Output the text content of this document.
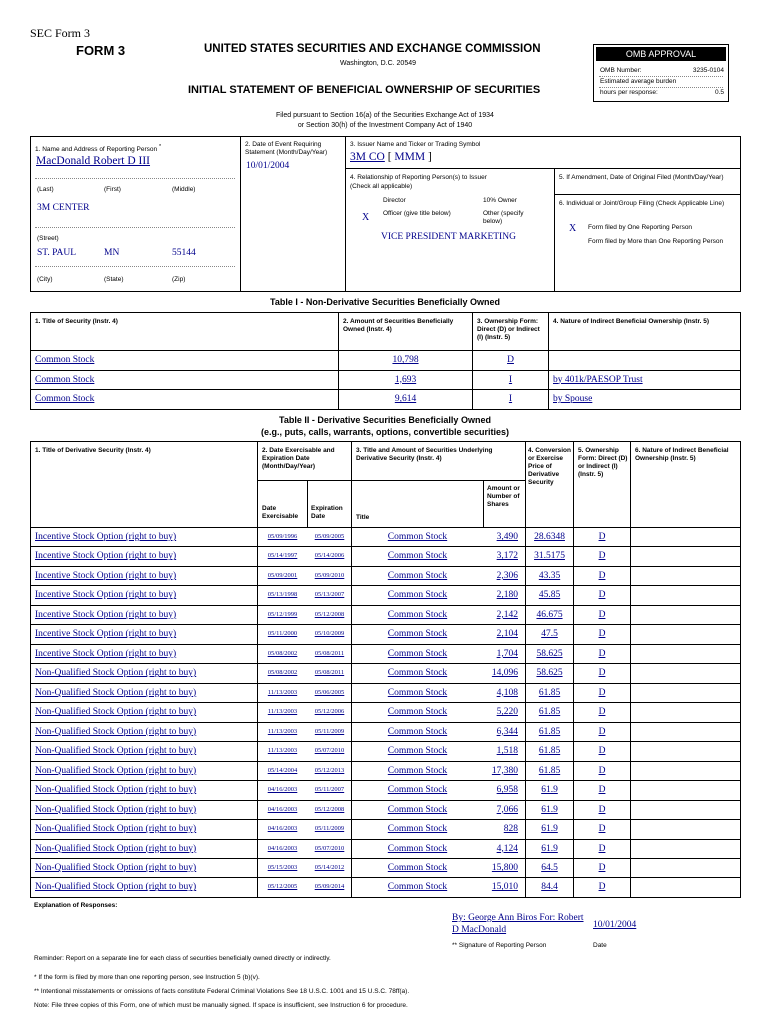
SEC Form 3
FORM 3	UNITED STATES SECURITIES AND EXCHANGE COMMISSION
Washington, D.C. 20549
INITIAL STATEMENT OF BENEFICIAL OWNERSHIP OF SECURITIES
OMB APPROVAL
OMB Number:	3235-0104
Estimated average burden
hours per response:	0.5
Filed pursuant to Section 16(a) of the Securities Exchange Act of 1934
or Section 30(h) of the Investment Company Act of 1940
1. Name and Address of Reporting Person *
MacDonald Robert D III
(Last)	(First)	(Middle)
3M CENTER
(Street)
ST. PAUL	MN	55144
(City)	(State)	(Zip)
2. Date of Event Requiring Statement (Month/Day/Year)
10/01/2004
3. Issuer Name and Ticker or Trading Symbol
3M CO [ MMM ]
4. Relationship of Reporting Person(s) to Issuer
(Check all applicable)
Director	10% Owner
X Officer (give title below)	Other (specify below)
VICE PRESIDENT MARKETING
5. If Amendment, Date of Original Filed (Month/Day/Year)
6. Individual or Joint/Group Filing (Check Applicable Line)
X Form filed by One Reporting Person
Form filed by More than One Reporting Person
Table I - Non-Derivative Securities Beneficially Owned
1. Title of Security (Instr. 4)	2. Amount of Securities Beneficially Owned (Instr. 4)
3. Ownership Form: Direct (D) or Indirect (I) (Instr. 5)
4. Nature of Indirect Beneficial Ownership (Instr. 5)
Common Stock	10,798	D
Common Stock	1,693	I	by 401k/PAESOP Trust
Common Stock	9,614	I	by Spouse
Table II - Derivative Securities Beneficially Owned
(e.g., puts, calls, warrants, options, convertible securities)
1. Title of Derivative Security (Instr. 4)	2. Date Exercisable and Expiration Date (Month/Day/Year)
3. Title and Amount of Securities Underlying Derivative Security (Instr. 4)
4. Conversion or Exercise Price of Derivative Security
5. Ownership Form: Direct (D) or Indirect (I) (Instr. 5)
6. Nature of Indirect Beneficial Ownership (Instr. 5)
Date Exercisable
Expiration Date	Title
Amount or Number of Shares
Incentive Stock Option (right to buy)	05/09/1996	05/09/2005	Common Stock	3,490	28.6348	D
Incentive Stock Option (right to buy)	05/14/1997	05/14/2006	Common Stock	3,172	31.5175	D
Incentive Stock Option (right to buy)	05/09/2001	05/09/2010	Common Stock	2,306	43.35	D
Incentive Stock Option (right to buy)	05/13/1998	05/13/2007	Common Stock	2,180	45.85	D
Incentive Stock Option (right to buy)	05/12/1999	05/12/2008	Common Stock	2,142	46.675	D
Incentive Stock Option (right to buy)	05/11/2000	05/10/2009	Common Stock	2,104	47.5	D
Incentive Stock Option (right to buy)	05/08/2002	05/08/2011	Common Stock	1,704	58.625	D
Non-Qualified Stock Option (right to buy)	05/08/2002	05/08/2011	Common Stock	14,096	58.625	D
Non-Qualified Stock Option (right to buy)	11/13/2003	05/06/2005	Common Stock	4,108	61.85	D
Non-Qualified Stock Option (right to buy)	11/13/2003	05/12/2006	Common Stock	5,220	61.85	D
Non-Qualified Stock Option (right to buy)	11/13/2003	05/11/2009	Common Stock	6,344	61.85	D
Non-Qualified Stock Option (right to buy)	11/13/2003	05/07/2010	Common Stock	1,518	61.85	D
Non-Qualified Stock Option (right to buy)	05/14/2004	05/12/2013	Common Stock	17,380	61.85	D
Non-Qualified Stock Option (right to buy)	04/16/2003	05/11/2007	Common Stock	6,958	61.9	D
Non-Qualified Stock Option (right to buy)	04/16/2003	05/12/2008	Common Stock	7,066	61.9	D
Non-Qualified Stock Option (right to buy)	04/16/2003	05/11/2009	Common Stock	828	61.9	D
Non-Qualified Stock Option (right to buy)	04/16/2003	05/07/2010	Common Stock	4,124	61.9	D
Non-Qualified Stock Option (right to buy)	05/15/2003	05/14/2012	Common Stock	15,800	64.5	D
Non-Qualified Stock Option (right to buy)	05/12/2005	05/09/2014	Common Stock	15,010	84.4	D
Explanation of Responses:
By: George Ann Biros For: Robert
D MacDonald	10/01/2004
** Signature of Reporting Person	Date
Reminder: Report on a separate line for each class of securities beneficially owned directly or indirectly.
* If the form is filed by more than one reporting person, see Instruction 5 (b)(v).
** Intentional misstatements or omissions of facts constitute Federal Criminal Violations See 18 U.S.C. 1001 and 15 U.S.C. 78ff(a).
Note: File three copies of this Form, one of which must be manually signed. If space is insufficient, see Instruction 6 for procedure.
